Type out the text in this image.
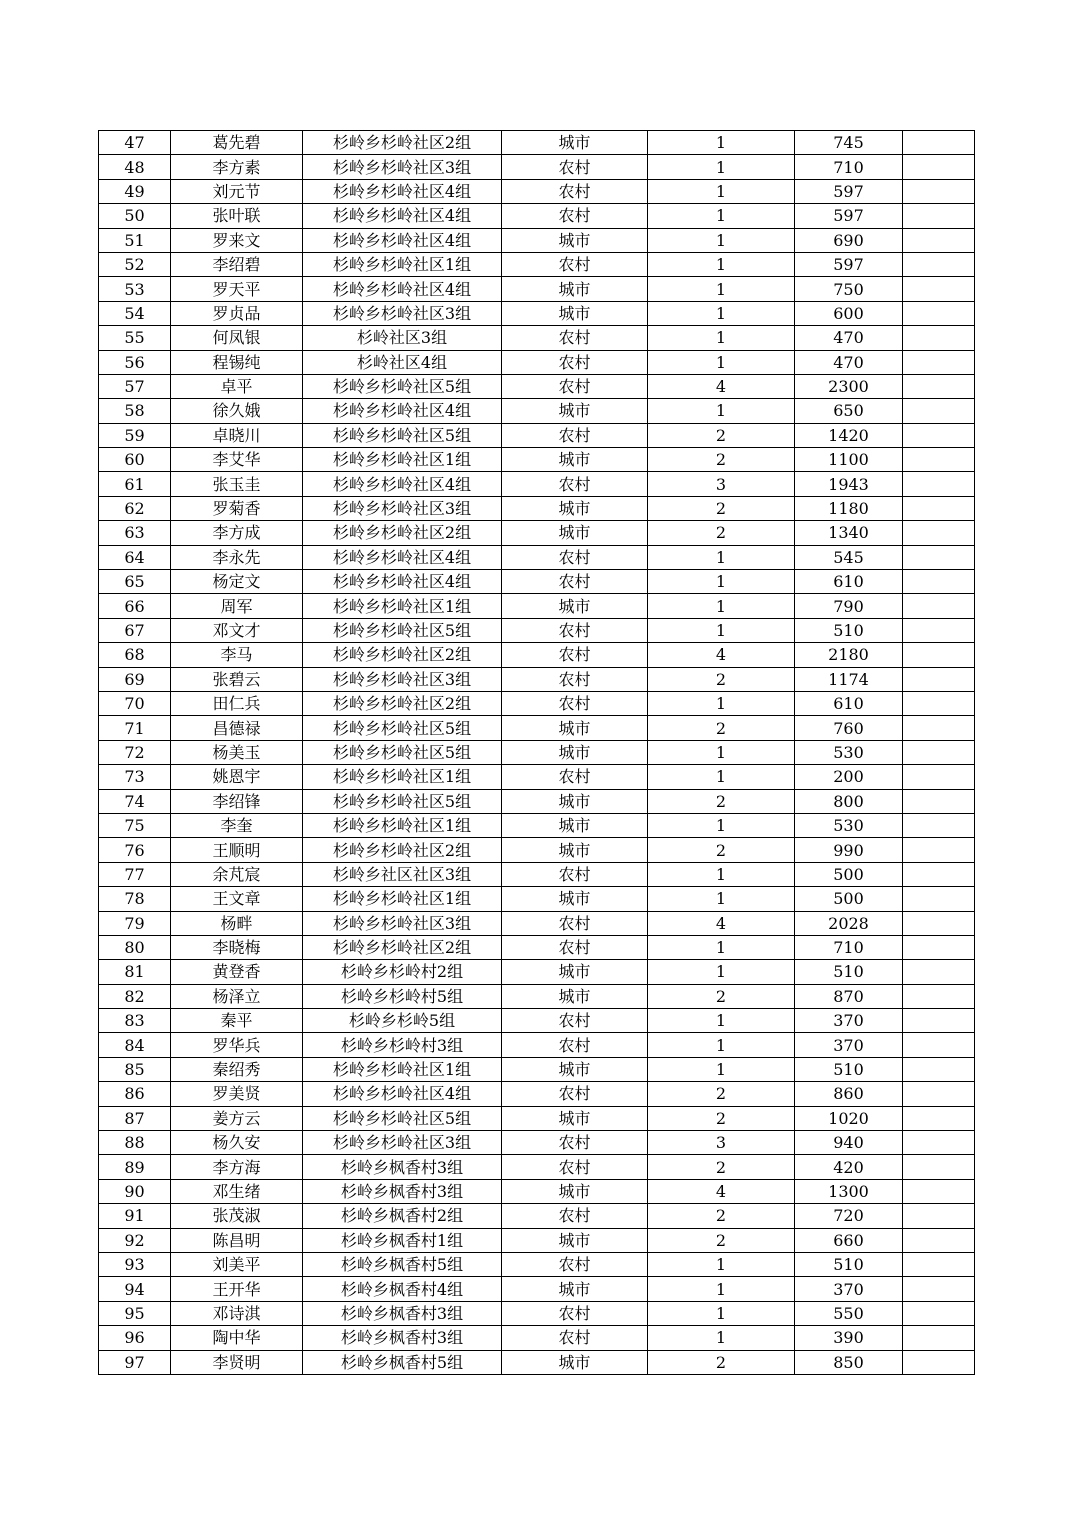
47	葛先碧	杉岭乡杉岭社区2组	城市	1	745	
48	李方素	杉岭乡杉岭社区3组	农村	1	710	
49	刘元节	杉岭乡杉岭社区4组	农村	1	597	
50	张叶联	杉岭乡杉岭社区4组	农村	1	597	
51	罗来文	杉岭乡杉岭社区4组	城市	1	690	
52	李绍碧	杉岭乡杉岭社区1组	农村	1	597	
53	罗天平	杉岭乡杉岭社区4组	城市	1	750	
54	罗贞品	杉岭乡杉岭社区3组	城市	1	600	
55	何凤银	杉岭社区3组	农村	1	470	
56	程锡纯	杉岭社区4组	农村	1	470	
57	卓平	杉岭乡杉岭社区5组	农村	4	2300	
58	徐久娥	杉岭乡杉岭社区4组	城市	1	650	
59	卓晓川	杉岭乡杉岭社区5组	农村	2	1420	
60	李艾华	杉岭乡杉岭社区1组	城市	2	1100	
61	张玉圭	杉岭乡杉岭社区4组	农村	3	1943	
62	罗菊香	杉岭乡杉岭社区3组	城市	2	1180	
63	李方成	杉岭乡杉岭社区2组	城市	2	1340	
64	李永先	杉岭乡杉岭社区4组	农村	1	545	
65	杨定文	杉岭乡杉岭社区4组	农村	1	610	
66	周军	杉岭乡杉岭社区1组	城市	1	790	
67	邓文才	杉岭乡杉岭社区5组	农村	1	510	
68	李马	杉岭乡杉岭社区2组	农村	4	2180	
69	张碧云	杉岭乡杉岭社区3组	农村	2	1174	
70	田仁兵	杉岭乡杉岭社区2组	农村	1	610	
71	昌德禄	杉岭乡杉岭社区5组	城市	2	760	
72	杨美玉	杉岭乡杉岭社区5组	城市	1	530	
73	姚恩宇	杉岭乡杉岭社区1组	农村	1	200	
74	李绍锋	杉岭乡杉岭社区5组	城市	2	800	
75	李奎	杉岭乡杉岭社区1组	城市	1	530	
76	王顺明	杉岭乡杉岭社区2组	城市	2	990	
77	余芃宸	杉岭乡社区社区3组	农村	1	500	
78	王文章	杉岭乡杉岭社区1组	城市	1	500	
79	杨畔	杉岭乡杉岭社区3组	农村	4	2028	
80	李晓梅	杉岭乡杉岭社区2组	农村	1	710	
81	黄登香	杉岭乡杉岭村2组	城市	1	510	
82	杨泽立	杉岭乡杉岭村5组	城市	2	870	
83	秦平	杉岭乡杉岭5组	农村	1	370	
84	罗华兵	杉岭乡杉岭村3组	农村	1	370	
85	秦绍秀	杉岭乡杉岭社区1组	城市	1	510	
86	罗美贤	杉岭乡杉岭社区4组	农村	2	860	
87	姜方云	杉岭乡杉岭社区5组	城市	2	1020	
88	杨久安	杉岭乡杉岭社区3组	农村	3	940	
89	李方海	杉岭乡枫香村3组	农村	2	420	
90	邓生绪	杉岭乡枫香村3组	城市	4	1300	
91	张茂淑	杉岭乡枫香村2组	农村	2	720	
92	陈昌明	杉岭乡枫香村1组	城市	2	660	
93	刘美平	杉岭乡枫香村5组	农村	1	510	
94	王开华	杉岭乡枫香村4组	城市	1	370	
95	邓诗淇	杉岭乡枫香村3组	农村	1	550	
96	陶中华	杉岭乡枫香村3组	农村	1	390	
97	李贤明	杉岭乡枫香村5组	城市	2	850	
